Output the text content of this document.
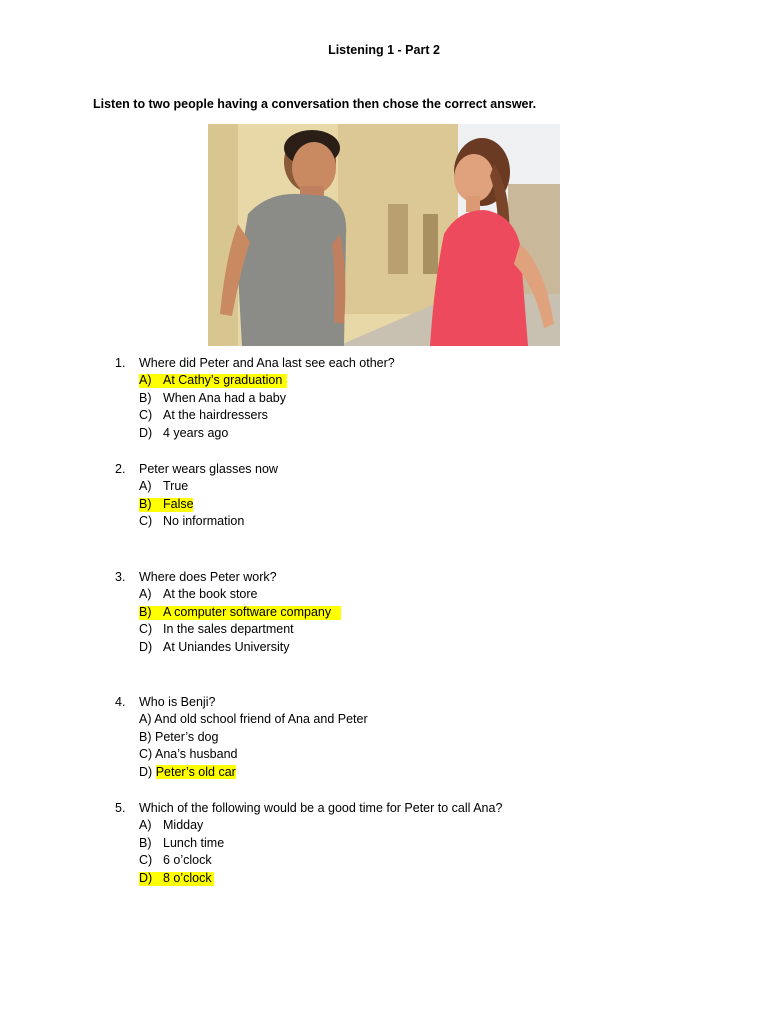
Listening 1 - Part 2
Listen to two people having a conversation then chose the correct answer.
1. Where did Peter and Ana last see each other?
A) At Cathy’s graduation
B) When Ana had a baby
C) At the hairdressers
D) 4 years ago
2. Peter wears glasses now
A) True
B) False
C) No information
3. Where does Peter work?
A) At the book store
B) A computer software company
C) In the sales department
D) At Uniandes University
4. Who is Benji?
A) And old school friend of Ana and Peter
B) Peter’s dog
C) Ana’s husband
D) Peter’s old car
5. Which of the following would be a good time for Peter to call Ana?
A) Midday
B) Lunch time
C) 6 o’clock
D) 8 o’clock
